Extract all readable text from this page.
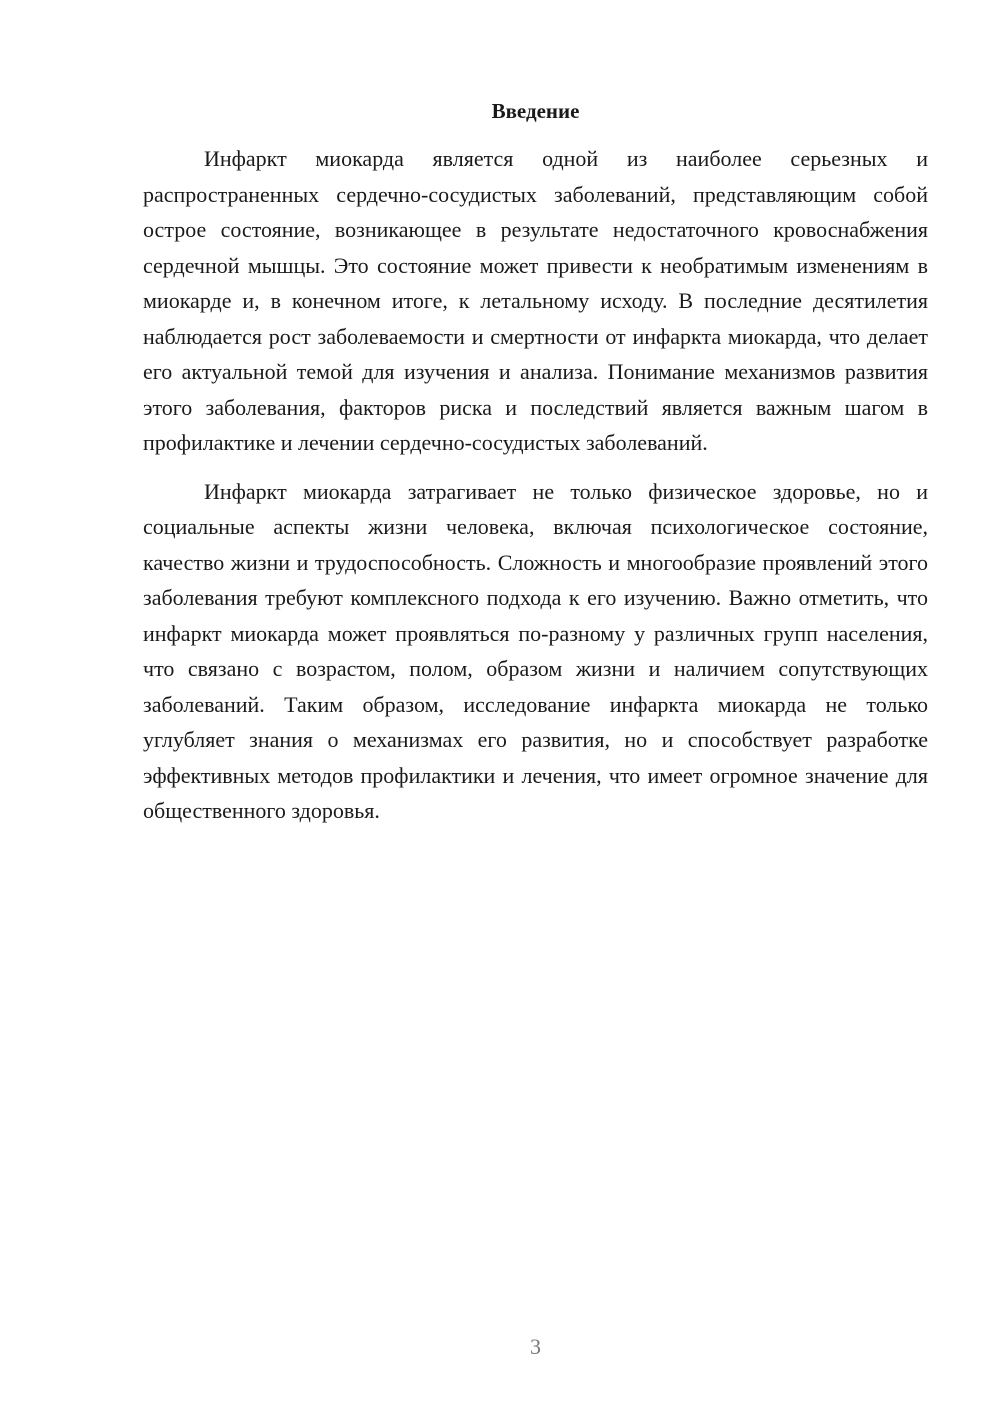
Введение

Инфаркт миокарда является одной из наиболее серьезных и распространенных сердечно-сосудистых заболеваний, представляющим собой острое состояние, возникающее в результате недостаточного кровоснабжения сердечной мышцы. Это состояние может привести к необратимым изменениям в миокарде и, в конечном итоге, к летальному исходу. В последние десятилетия наблюдается рост заболеваемости и смертности от инфаркта миокарда, что делает его актуальной темой для изучения и анализа. Понимание механизмов развития этого заболевания, факторов риска и последствий является важным шагом в профилактике и лечении сердечно-сосудистых заболеваний.

Инфаркт миокарда затрагивает не только физическое здоровье, но и социальные аспекты жизни человека, включая психологическое состояние, качество жизни и трудоспособность. Сложность и многообразие проявлений этого заболевания требуют комплексного подхода к его изучению. Важно отметить, что инфаркт миокарда может проявляться по-разному у различных групп населения, что связано с возрастом, полом, образом жизни и наличием сопутствующих заболеваний. Таким образом, исследование инфаркта миокарда не только углубляет знания о механизмах его развития, но и способствует разработке эффективных методов профилактики и лечения, что имеет огромное значение для общественного здоровья.

3
